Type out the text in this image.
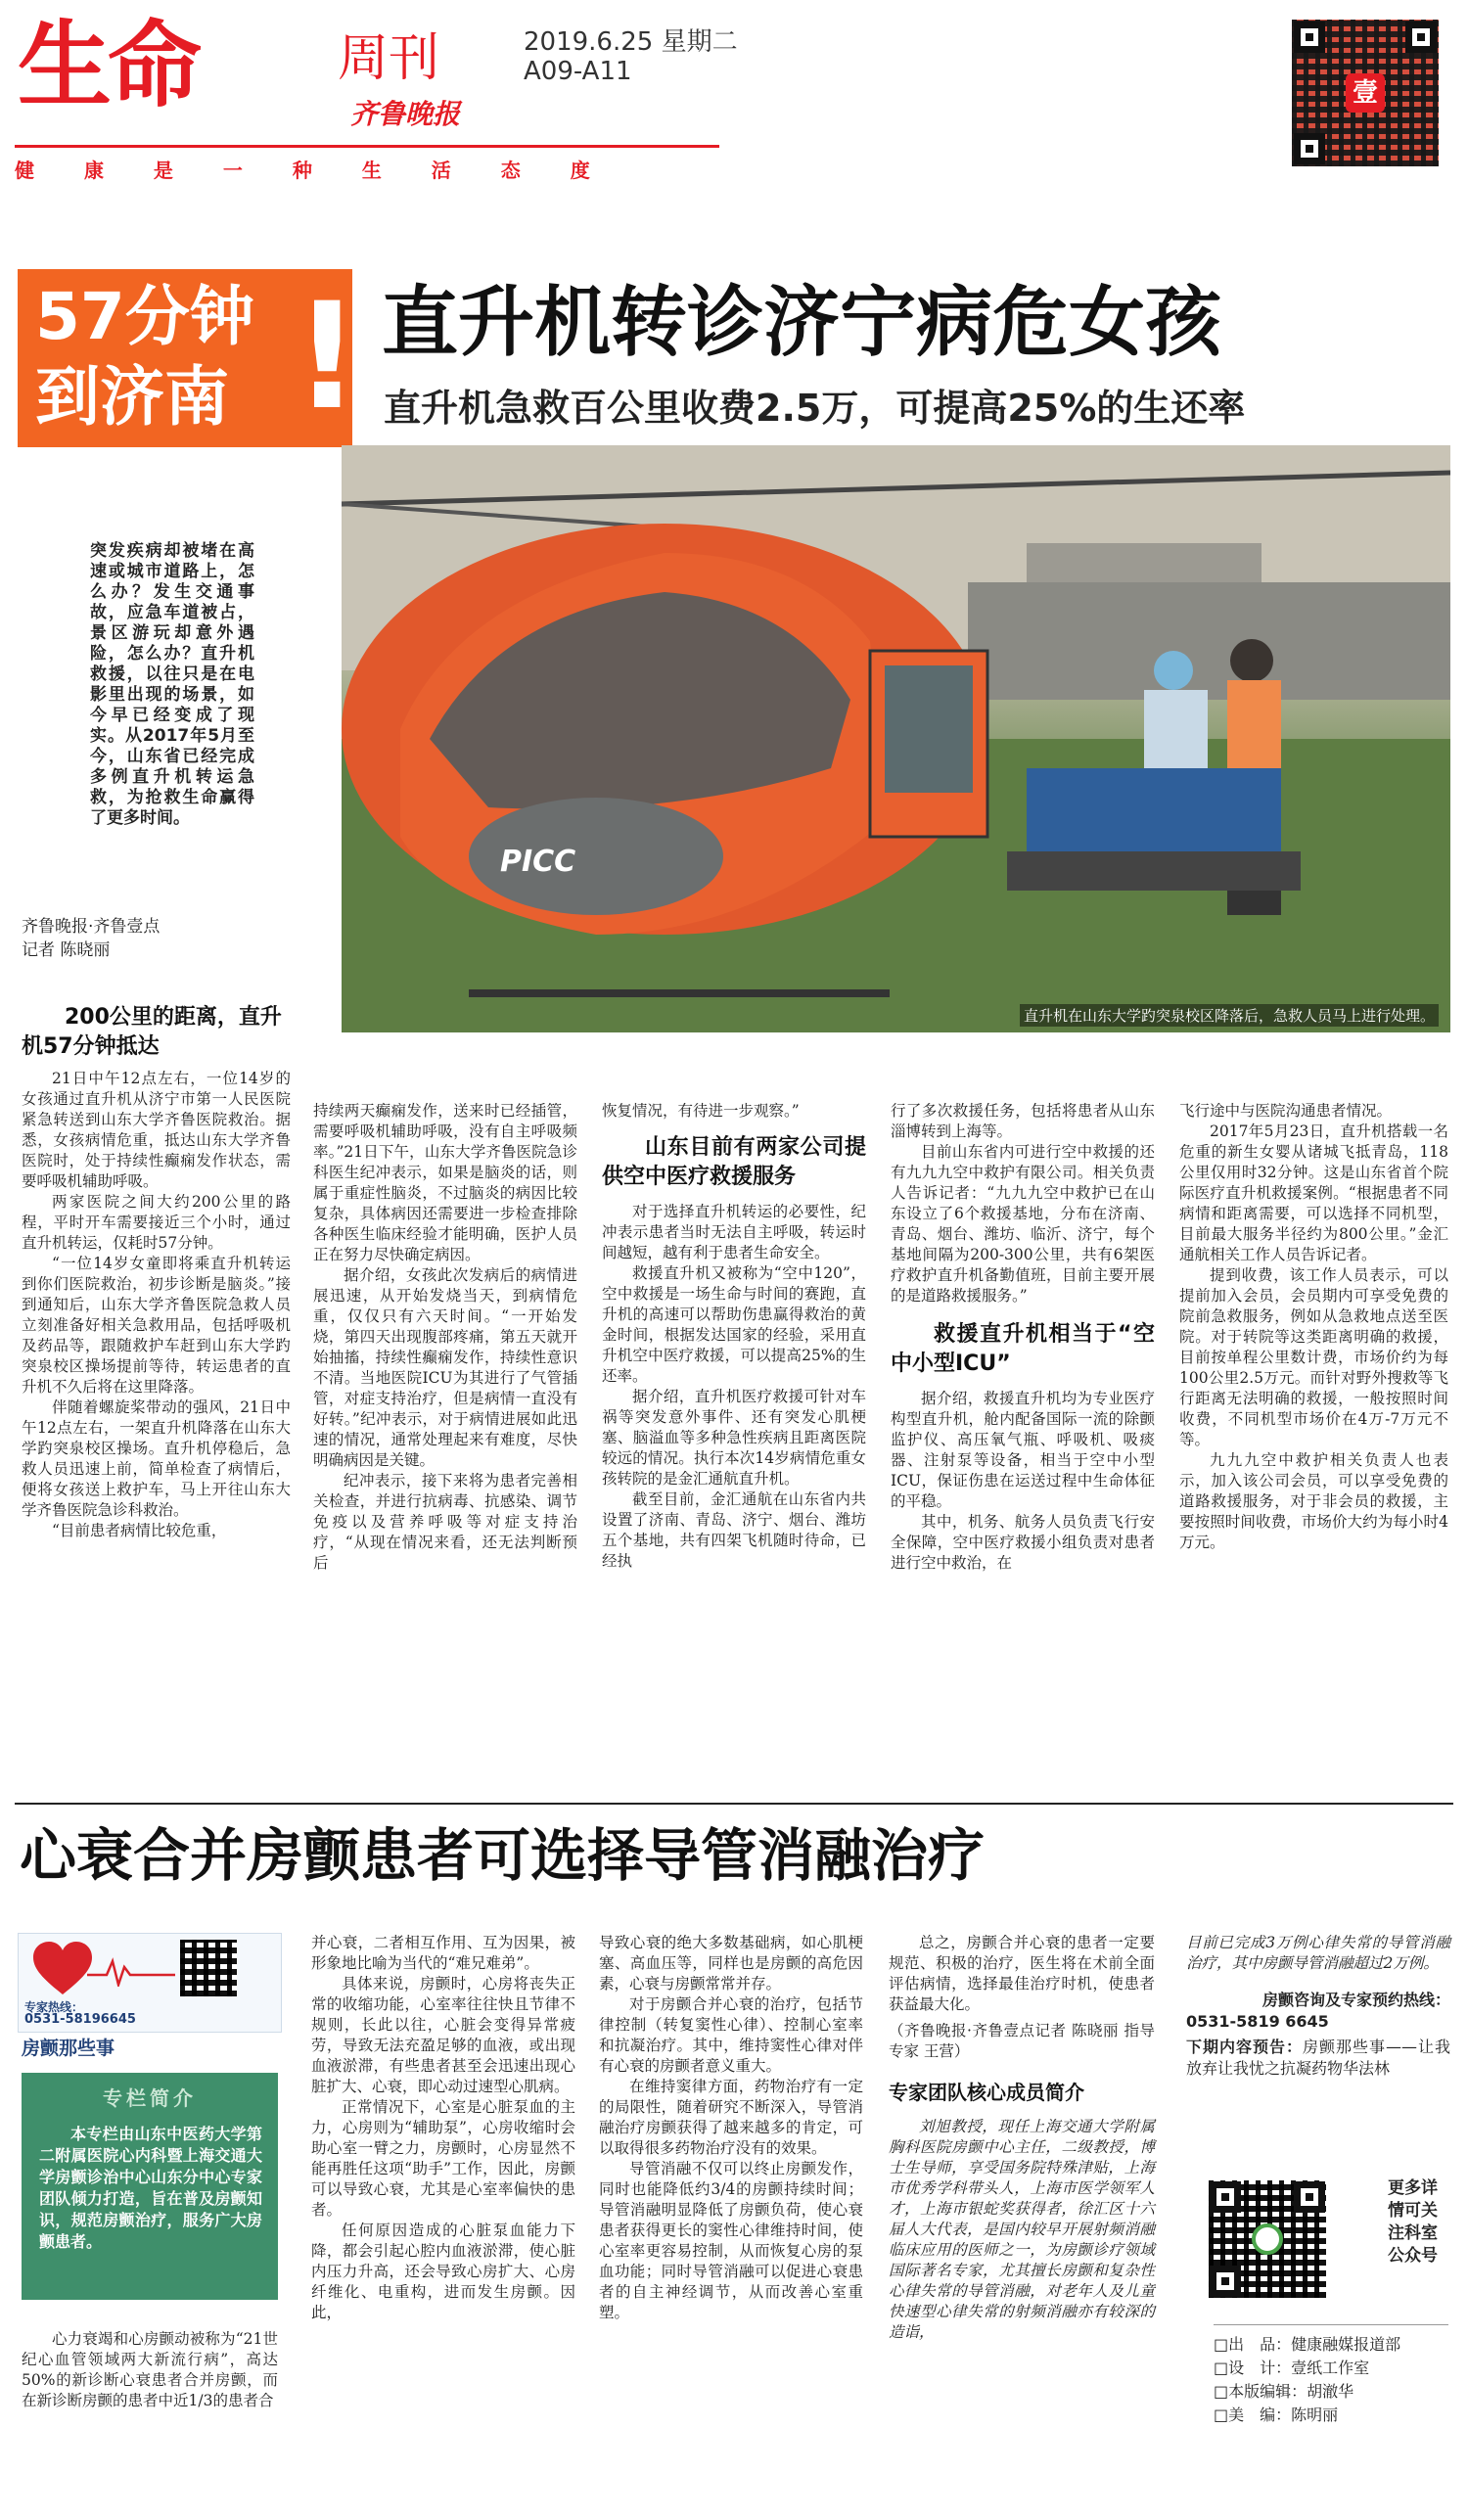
生命	周刊
齐鲁晚报
2019.6.25 星期二
A09-A11
健 康 是 一 种 生 活 态 度
壹
57分钟
到济南 ! 直升机转诊济宁病危女孩
直升机急救百公里收费2.5万，可提高25%的生还率
突发疾病却被堵在高速或城市道路上，怎么办？发生交通事故，应急车道被占，景区游玩却意外遇险，怎么办？直升机救援，以往只是在电影里出现的场景，如今早已经变成了现实。从2017年5月至今，山东省已经完成多例直升机转运急救，为抢救生命赢得了更多时间。
齐鲁晚报·齐鲁壹点
记者 陈晓丽
PICC
直升机在山东大学趵突泉校区降落后，急救人员马上进行处理。
200公里的距离，直升机57分钟抵达

21日中午12点左右，一位14岁的女孩通过直升机从济宁市第一人民医院紧急转送到山东大学齐鲁医院救治。据悉，女孩病情危重，抵达山东大学齐鲁医院时，处于持续性癫痫发作状态，需要呼吸机辅助呼吸。

两家医院之间大约200公里的路程，平时开车需要接近三个小时，通过直升机转运，仅耗时57分钟。

“一位14岁女童即将乘直升机转运到你们医院救治，初步诊断是脑炎。”接到通知后，山东大学齐鲁医院急救人员立刻准备好相关急救用品，包括呼吸机及药品等，跟随救护车赶到山东大学趵突泉校区操场提前等待，转运患者的直升机不久后将在这里降落。

伴随着螺旋桨带动的强风，21日中午12点左右，一架直升机降落在山东大学趵突泉校区操场。直升机停稳后，急救人员迅速上前，简单检查了病情后，便将女孩送上救护车，马上开往山东大学齐鲁医院急诊科救治。

“目前患者病情比较危重，

持续两天癫痫发作，送来时已经插管，需要呼吸机辅助呼吸，没有自主呼吸频率。”21日下午，山东大学齐鲁医院急诊科医生纪冲表示，如果是脑炎的话，则属于重症性脑炎，不过脑炎的病因比较复杂，具体病因还需要进一步检查排除各种医生临床经验才能明确，医护人员正在努力尽快确定病因。

据介绍，女孩此次发病后的病情进展迅速，从开始发烧当天，到病情危重，仅仅只有六天时间。“一开始发烧，第四天出现腹部疼痛，第五天就开始抽搐，持续性癫痫发作，持续性意识不清。当地医院ICU为其进行了气管插管，对症支持治疗，但是病情一直没有好转。”纪冲表示，对于病情进展如此迅速的情况，通常处理起来有难度，尽快明确病因是关键。

纪冲表示，接下来将为患者完善相关检查，并进行抗病毒、抗感染、调节免疫以及营养呼吸等对症支持治疗，“从现在情况来看，还无法判断预后

恢复情况，有待进一步观察。”

山东目前有两家公司提供空中医疗救援服务

对于选择直升机转运的必要性，纪冲表示患者当时无法自主呼吸，转运时间越短，越有利于患者生命安全。

救援直升机又被称为“空中120”，空中救援是一场生命与时间的赛跑，直升机的高速可以帮助伤患赢得救治的黄金时间，根据发达国家的经验，采用直升机空中医疗救援，可以提高25%的生还率。

据介绍，直升机医疗救援可针对车祸等突发意外事件、还有突发心肌梗塞、脑溢血等多种急性疾病且距离医院较远的情况。执行本次14岁病情危重女孩转院的是金汇通航直升机。

截至目前，金汇通航在山东省内共设置了济南、青岛、济宁、烟台、潍坊五个基地，共有四架飞机随时待命，已经执

行了多次救援任务，包括将患者从山东淄博转到上海等。

目前山东省内可进行空中救援的还有九九九空中救护有限公司。相关负责人告诉记者：“九九九空中救护已在山东设立了6个救援基地，分布在济南、青岛、烟台、潍坊、临沂、济宁，每个基地间隔为200-300公里，共有6架医疗救护直升机备勤值班，目前主要开展的是道路救援服务。”

救援直升机相当于“空中小型ICU”

据介绍，救援直升机均为专业医疗构型直升机，舱内配备国际一流的除颤监护仪、高压氧气瓶、呼吸机、吸痰器、注射泵等设备，相当于空中小型ICU，保证伤患在运送过程中生命体征的平稳。

其中，机务、航务人员负责飞行安全保障，空中医疗救援小组负责对患者进行空中救治，在

飞行途中与医院沟通患者情况。

2017年5月23日，直升机搭载一名危重的新生女婴从诸城飞抵青岛，118公里仅用时32分钟。这是山东省首个院际医疗直升机救援案例。“根据患者不同病情和距离需要，可以选择不同机型，目前最大服务半径约为800公里。”金汇通航相关工作人员告诉记者。

提到收费，该工作人员表示，可以提前加入会员，会员期内可享受免费的院前急救服务，例如从急救地点送至医院。对于转院等这类距离明确的救援，目前按单程公里数计费，市场价约为每100公里2.5万元。而针对野外搜救等飞行距离无法明确的救援，一般按照时间收费，不同机型市场价在4万-7万元不等。

九九九空中救护相关负责人也表示，加入该公司会员，可以享受免费的道路救援服务，对于非会员的救援，主要按照时间收费，市场价大约为每小时4万元。

心衰合并房颤患者可选择导管消融治疗
专家热线：
0531-58196645
房颤那些事
专栏简介
本专栏由山东中医药大学第二附属医院心内科暨上海交通大学房颤诊治中心山东分中心专家团队倾力打造，旨在普及房颤知识，规范房颤治疗，服务广大房颤患者。

心力衰竭和心房颤动被称为“21世纪心血管领域两大新流行病”，高达50%的新诊断心衰患者合并房颤，而在新诊断房颤的患者中近1/3的患者合

并心衰，二者相互作用、互为因果，被形象地比喻为当代的“难兄难弟”。

具体来说，房颤时，心房将丧失正常的收缩功能，心室率往往快且节律不规则，长此以往，心脏会变得异常疲劳，导致无法充盈足够的血液，或出现血液淤滞，有些患者甚至会迅速出现心脏扩大、心衰，即心动过速型心肌病。

正常情况下，心室是心脏泵血的主力，心房则为“辅助泵”，心房收缩时会助心室一臂之力，房颤时，心房显然不能再胜任这项“助手”工作，因此，房颤可以导致心衰，尤其是心室率偏快的患者。

任何原因造成的心脏泵血能力下降，都会引起心腔内血液淤滞，使心脏内压力升高，还会导致心房扩大、心房纤维化、电重构，进而发生房颤。因此，

导致心衰的绝大多数基础病，如心肌梗塞、高血压等，同样也是房颤的高危因素，心衰与房颤常常并存。

对于房颤合并心衰的治疗，包括节律控制（转复窦性心律）、控制心室率和抗凝治疗。其中，维持窦性心律对伴有心衰的房颤者意义重大。

在维持窦律方面，药物治疗有一定的局限性，随着研究不断深入，导管消融治疗房颤获得了越来越多的肯定，可以取得很多药物治疗没有的效果。

导管消融不仅可以终止房颤发作，同时也能降低约3/4的房颤持续时间；导管消融明显降低了房颤负荷，使心衰患者获得更长的窦性心律维持时间，使心室率更容易控制，从而恢复心房的泵血功能；同时导管消融可以促进心衰患者的自主神经调节，从而改善心室重塑。

总之，房颤合并心衰的患者一定要规范、积极的治疗，医生将在术前全面评估病情，选择最佳治疗时机，使患者获益最大化。

（齐鲁晚报·齐鲁壹点记者 陈晓丽 指导专家 王营）

专家团队核心成员简介

刘旭教授，现任上海交通大学附属胸科医院房颤中心主任，二级教授，博士生导师，享受国务院特殊津贴，上海市优秀学科带头人，上海市医学领军人才，上海市银蛇奖获得者，徐汇区十六届人大代表，是国内较早开展射频消融临床应用的医师之一，为房颤诊疗领域国际著名专家，尤其擅长房颤和复杂性心律失常的导管消融，对老年人及儿童快速型心律失常的射频消融亦有较深的造诣，

目前已完成3万例心律失常的导管消融治疗，其中房颤导管消融超过2万例。

房颤咨询及专家预约热线：
0531-5819 6645
下期内容预告：房颤那些事——让我放弃让我忧之抗凝药物华法林
更多详情可关注科室公众号
□出　品：健康融媒报道部
□设　计：壹纸工作室
□本版编辑：胡澈华
□美　编：陈明丽
